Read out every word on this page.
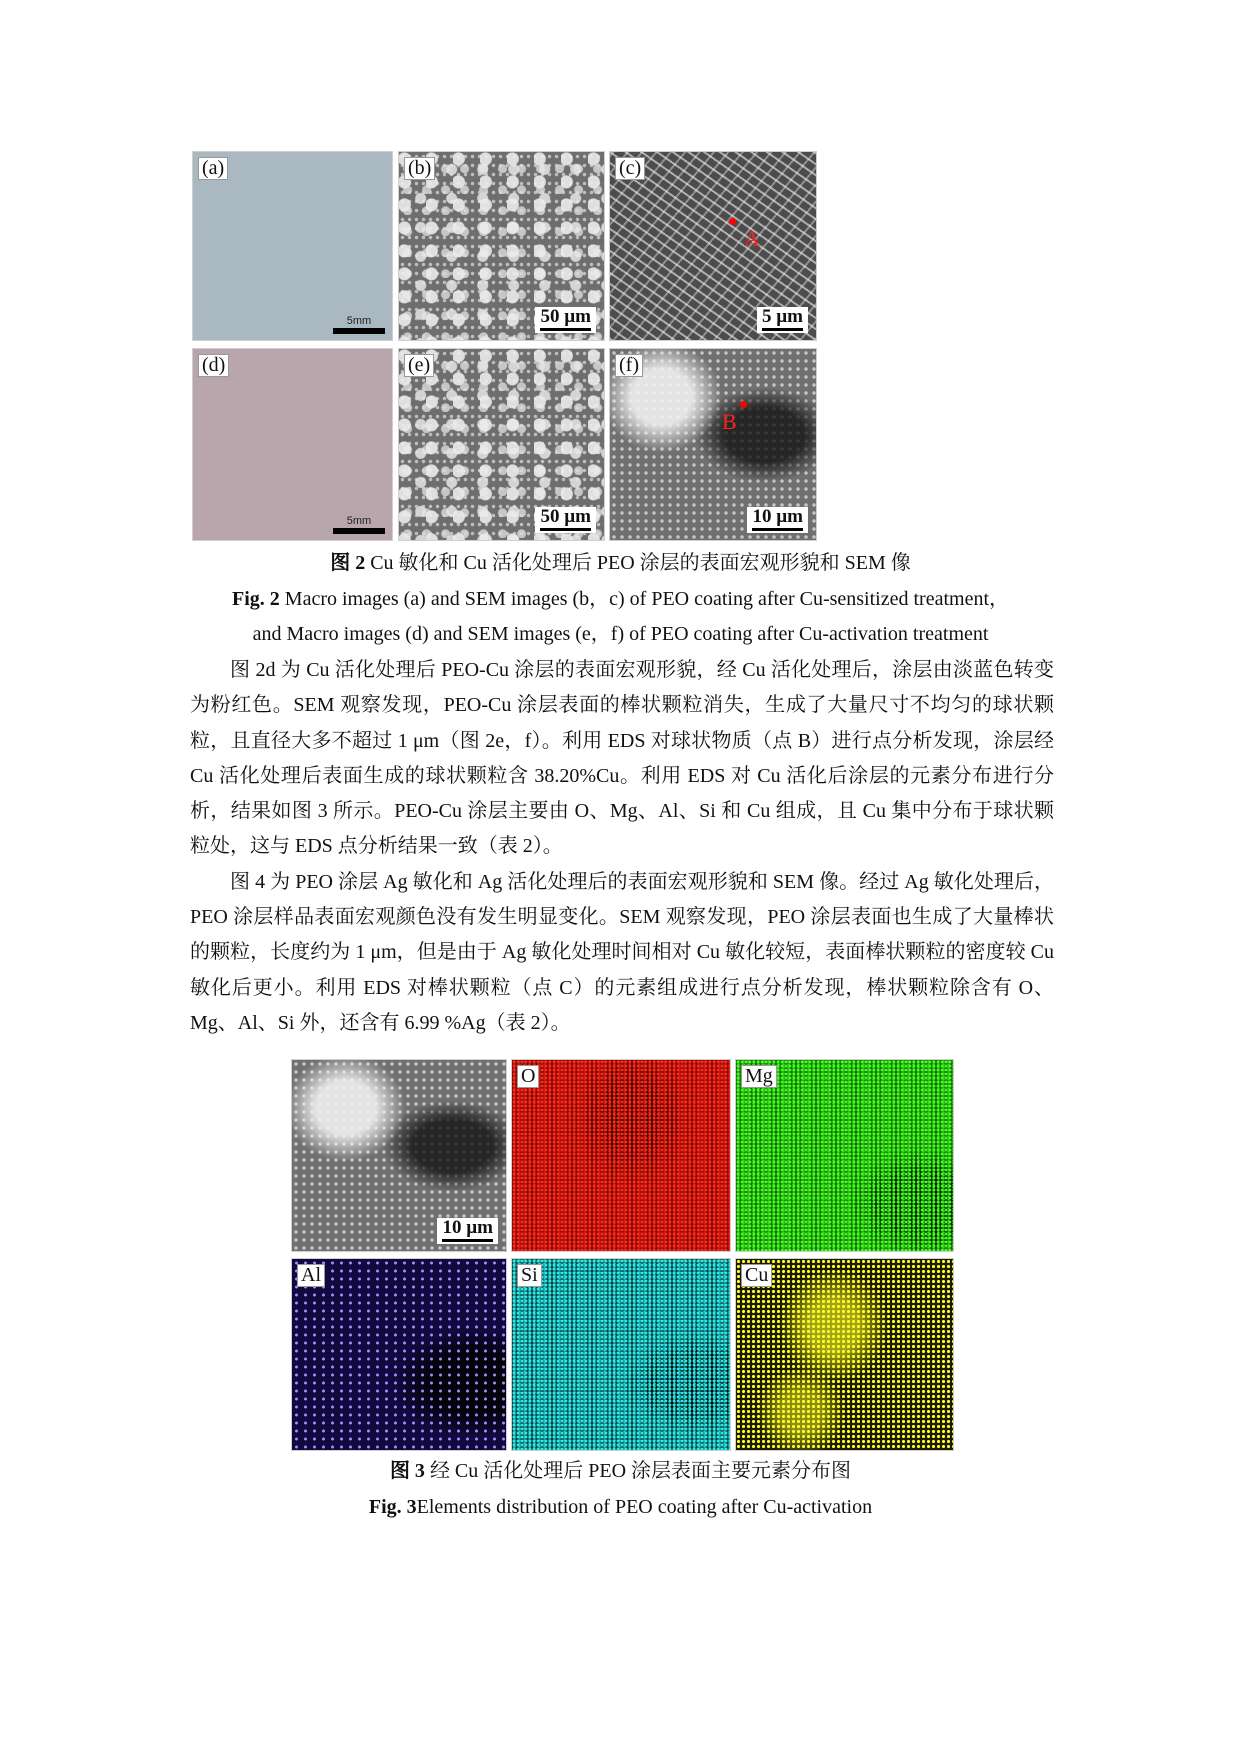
(a)
5mm
(b)
50 µm
(c)
A
5 µm
(d)
5mm
(e)
50 µm
(f)
B
10 µm
图 2 Cu 敏化和 Cu 活化处理后 PEO 涂层的表面宏观形貌和 SEM 像
Fig. 2 Macro images (a) and SEM images (b，c) of PEO coating after Cu-sensitized treatment，
and Macro images (d) and SEM images (e，f) of PEO coating after Cu-activation treatment

图 2d 为 Cu 活化处理后 PEO-Cu 涂层的表面宏观形貌，经 Cu 活化处理后，涂层由淡蓝色转变为粉红色。SEM 观察发现，PEO-Cu 涂层表面的棒状颗粒消失，生成了大量尺寸不均匀的球状颗粒，且直径大多不超过 1 μm（图 2e，f）。利用 EDS 对球状物质（点 B）进行点分析发现，涂层经 Cu 活化处理后表面生成的球状颗粒含 38.20%Cu。利用 EDS 对 Cu 活化后涂层的元素分布进行分析，结果如图 3 所示。PEO-Cu 涂层主要由 O、Mg、Al、Si 和 Cu 组成，且 Cu 集中分布于球状颗粒处，这与 EDS 点分析结果一致（表 2）。

图 4 为 PEO 涂层 Ag 敏化和 Ag 活化处理后的表面宏观形貌和 SEM 像。经过 Ag 敏化处理后，PEO 涂层样品表面宏观颜色没有发生明显变化。SEM 观察发现，PEO 涂层表面也生成了大量棒状的颗粒，长度约为 1 μm，但是由于 Ag 敏化处理时间相对 Cu 敏化较短，表面棒状颗粒的密度较 Cu 敏化后更小。利用 EDS 对棒状颗粒（点 C）的元素组成进行点分析发现，棒状颗粒除含有 O、Mg、Al、Si 外，还含有 6.99 %Ag（表 2）。

10 µm
O	Mg
Al	Si	Cu
图 3 经 Cu 活化处理后 PEO 涂层表面主要元素分布图
Fig. 3Elements distribution of PEO coating after Cu-activation
